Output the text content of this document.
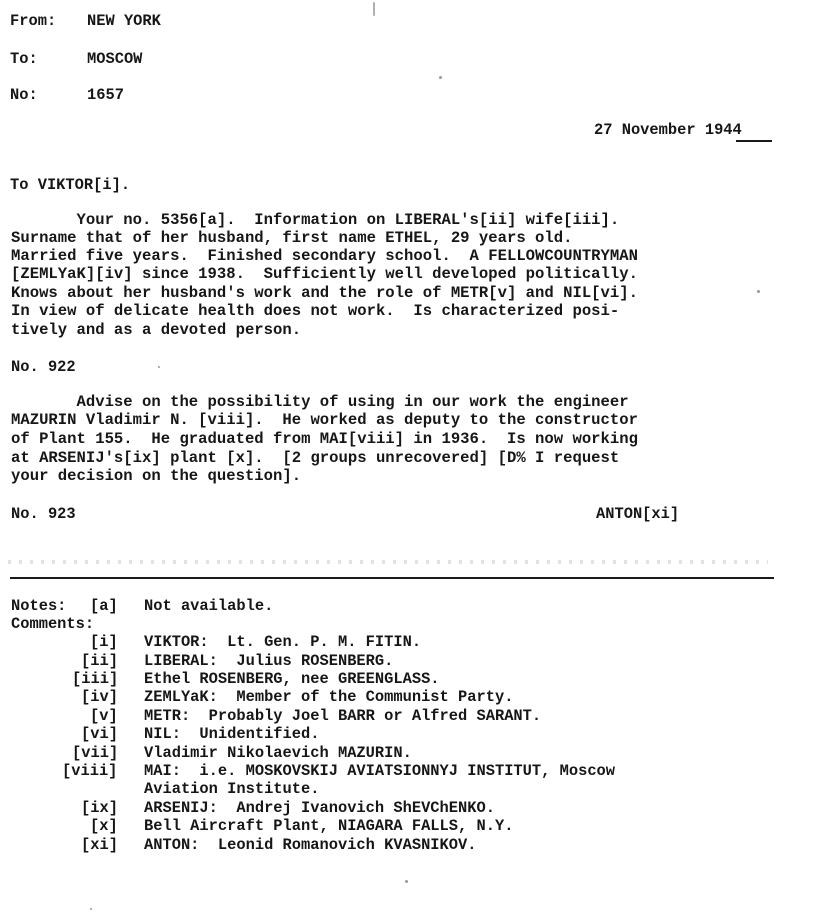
From: NEW YORK
To:	MOSCOW
No:	1657
27 November 1944
To VIKTOR[i].
Your no. 5356[a].  Information on LIBERAL's[ii] wife[iii].
Surname that of her husband, first name ETHEL, 29 years old.
Married five years.  Finished secondary school.  A FELLOWCOUNTRYMAN
[ZEMLYaK][iv] since 1938.  Sufficiently well developed politically.
Knows about her husband's work and the role of METR[v] and NIL[vi].
In view of delicate health does not work.  Is characterized posi-
tively and as a devoted person.
No. 922
Advise on the possibility of using in our work the engineer
MAZURIN Vladimir N. [viii].  He worked as deputy to the constructor
of Plant 155.  He graduated from MAI[viii] in 1936.  Is now working
at ARSENIJ's[ix] plant [x].  [2 groups unrecovered] [D% I request
your decision on the question].
No. 923	ANTON[xi]
Notes: [a] Not available.
Comments:
[i] VIKTOR:  Lt. Gen. P. M. FITIN.
[ii] LIBERAL:  Julius ROSENBERG.
[iii] Ethel ROSENBERG, nee GREENGLASS.
[iv] ZEMLYaK:  Member of the Communist Party.
[v] METR:  Probably Joel BARR or Alfred SARANT.
[vi] NIL:  Unidentified.
[vii] Vladimir Nikolaevich MAZURIN.
[viii] MAI:  i.e. MOSKOVSKIJ AVIATSIONNYJ INSTITUT, Moscow
Aviation Institute.
[ix] ARSENIJ:  Andrej Ivanovich ShEVChENKO.
[x] Bell Aircraft Plant, NIAGARA FALLS, N.Y.
[xi] ANTON:  Leonid Romanovich KVASNIKOV.
